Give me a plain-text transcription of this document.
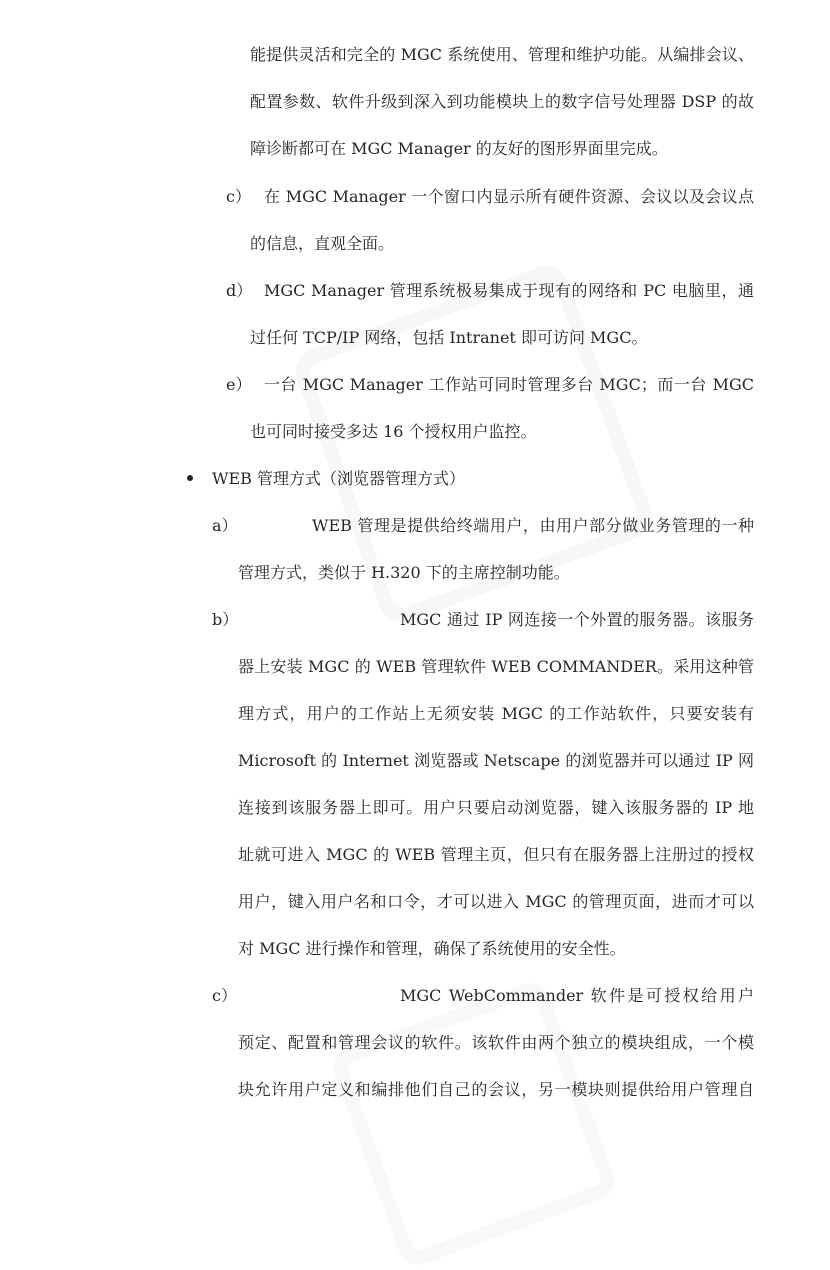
能提供灵活和完全的 MGC 系统使用、管理和维护功能。从编排会议、
配置参数、软件升级到深入到功能模块上的数字信号处理器 DSP 的故
障诊断都可在 MGC Manager 的友好的图形界面里完成。
c） 在 MGC Manager 一个窗口内显示所有硬件资源、会议以及会议点
的信息，直观全面。
d） MGC Manager 管理系统极易集成于现有的网络和 PC 电脑里，通
过任何 TCP/IP 网络，包括 Intranet 即可访问 MGC。
e） 一台 MGC Manager 工作站可同时管理多台 MGC；而一台 MGC
也可同时接受多达 16 个授权用户监控。
WEB 管理方式（浏览器管理方式）
a）	WEB 管理是提供给终端用户，由用户部分做业务管理的一种
管理方式，类似于 H.320 下的主席控制功能。
b）	MGC 通过 IP 网连接一个外置的服务器。该服务
器上安装 MGC 的 WEB 管理软件 WEB COMMANDER。采用这种管
理方式，用户的工作站上无须安装 MGC 的工作站软件，只要安装有
Microsoft 的 Internet 浏览器或 Netscape 的浏览器并可以通过 IP 网
连接到该服务器上即可。用户只要启动浏览器，键入该服务器的 IP 地
址就可进入 MGC 的 WEB 管理主页，但只有在服务器上注册过的授权
用户，键入用户名和口令，才可以进入 MGC 的管理页面，进而才可以
对 MGC 进行操作和管理，确保了系统使用的安全性。
c）	MGC WebCommander 软件是可授权给用户
预定、配置和管理会议的软件。该软件由两个独立的模块组成，一个模
块允许用户定义和编排他们自己的会议，另一模块则提供给用户管理自
